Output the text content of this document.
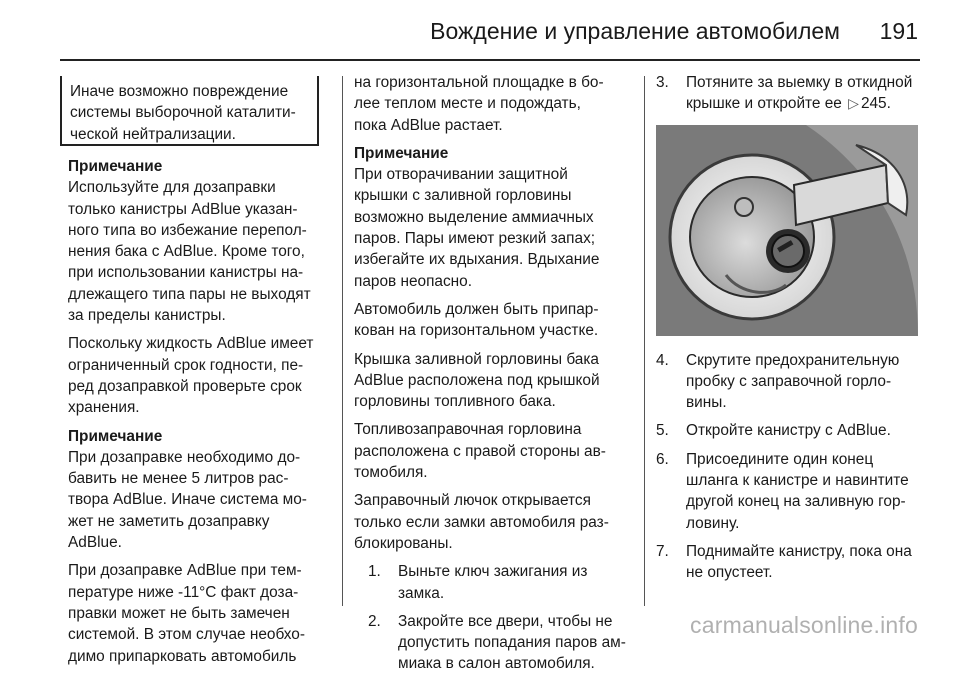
Вождение и управление автомобилем 191
Иначе возможно повреждение
системы выборочной каталити-
ческой нейтрализации.
Примечание
Используйте для дозаправки
только канистры AdBlue указан-
ного типа во избежание перепол-
нения бака с AdBlue. Кроме того,
при использовании канистры на-
длежащего типа пары не выходят
за пределы канистры.
Поскольку жидкость AdBlue имеет
ограниченный срок годности, пе-
ред дозаправкой проверьте срок
хранения.
Примечание
При дозаправке необходимо до-
бавить не менее 5 литров рас-
твора AdBlue. Иначе система мо-
жет не заметить дозаправку
AdBlue.
При дозаправке AdBlue при тем-
пературе ниже -11°C факт доза-
правки может не быть замечен
системой. В этом случае необхо-
димо припарковать автомобиль
на горизонтальной площадке в бо-
лее теплом месте и подождать,
пока AdBlue растает.
Примечание
При отворачивании защитной
крышки с заливной горловины
возможно выделение аммиачных
паров. Пары имеют резкий запах;
избегайте их вдыхания. Вдыхание
паров неопасно.
Автомобиль должен быть припар-
кован на горизонтальном участке.
Крышка заливной горловины бака
AdBlue расположена под крышкой
горловины топливного бака.
Топливозаправочная горловина
расположена с правой стороны ав-
томобиля.
Заправочный лючок открывается
только если замки автомобиля раз-
блокированы.
1. Выньте ключ зажигания из
замка.
2. Закройте все двери, чтобы не
допустить попадания паров ам-
миака в салон автомобиля.
3. Потяните за выемку в откидной
крышке и откройте ее ▷ 245.
4. Скрутите предохранительную
пробку с заправочной горло-
вины.
5. Откройте канистру с AdBlue.
6. Присоедините один конец
шланга к канистре и навинтите
другой конец на заливную гор-
ловину.
7. Поднимайте канистру, пока она
не опустеет.
carmanualsonline.info
